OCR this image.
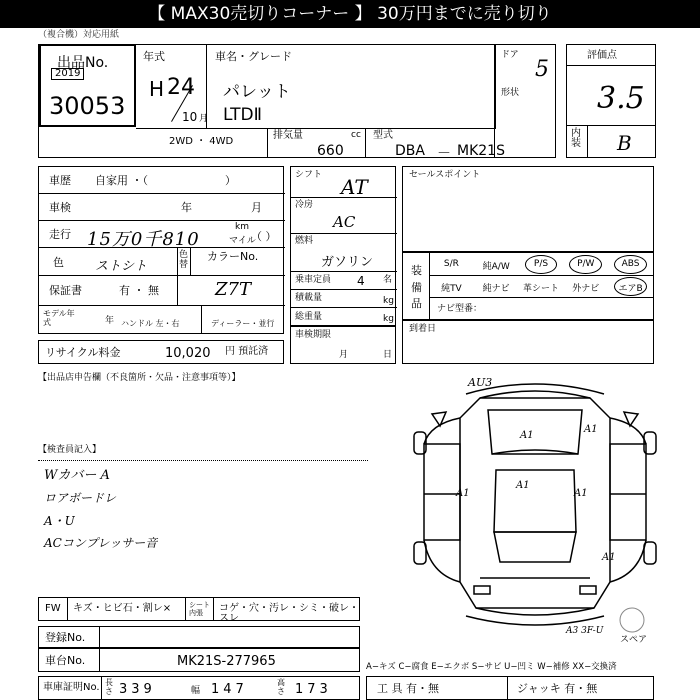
【 MAX30売切りコーナー 】 30万円までに売り切り
（複合機）対応用紙
出品No.
2019
30053
年式
H 24
10 月
車名・グレード
パレット
LTDⅡ
ドア
5
形状
2WD ・ 4WD
排気量	cc
660
型式
DBA － MK21S
評価点
3.5
内装 B
車歴 自家用 ・（　　　　　　　）
車検	年	月
走行 15万0千810
km
マイル
（ ）
色 ストシト
色替
カラーNo.
Z7T
保証書	有 ・ 無
モデル年式	年 ハンドル 左・右	ディーラー・並行
リサイクル料金	10,020 円 預託済
シフト AT
冷房
AC
燃料
ガソリン
乗車定員 4 名
積載量	kg
総重量	kg
車検期限
月	日
セールスポイント
装備品
S/R	純A/W	P/S	P/W	ABS
純TV 純ナビ 革シート 外ナビ エアB
ナビ型番：
到着日
【出品店申告欄（不良箇所・欠品・注意事項等）】
【検査員記入】
Wカバー A
ロアボードレ
A・U
ACコンプレッサー音
AU3
A1
A1
A1
A1
A1
A1
A3 3F-U
スペア
FW キズ・ヒビ石・割レ×	シート内張	コゲ・穴・汚レ・シミ・破レ・スレ
登録No.
車台No.	MK21S-277965	A−キズ C−腐食 E−エクボ S−サビ U−凹ミ W−補修 XX−交換済
車庫証明No. 長さ 339	幅 147	高さ 173	工 具 有・無	ジャッキ 有・無
